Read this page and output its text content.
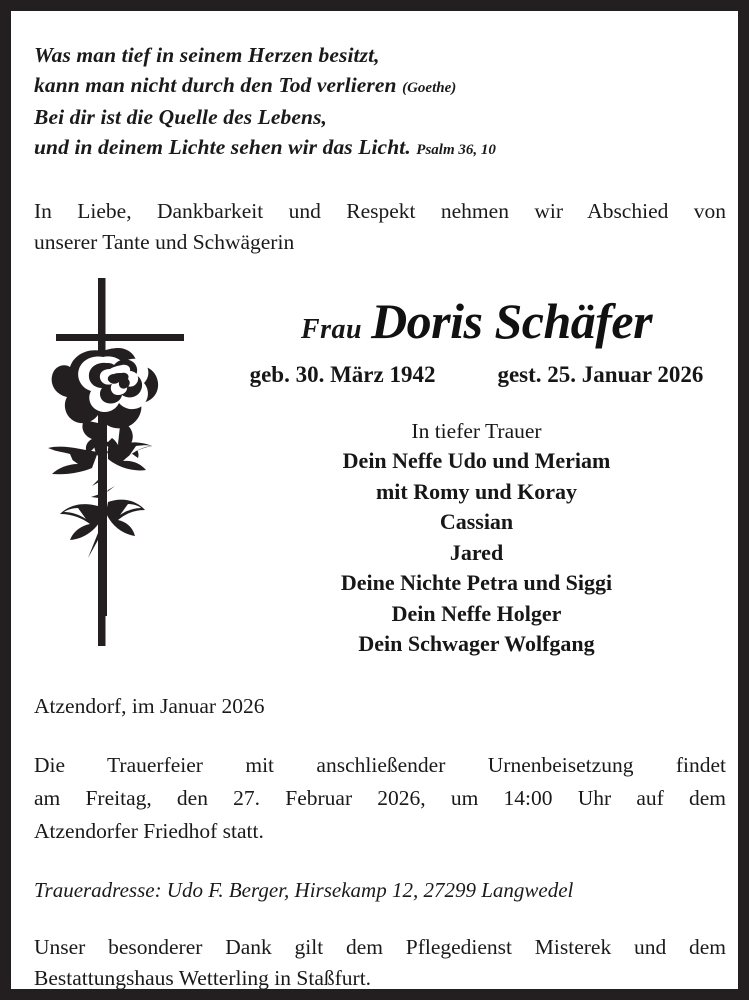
Was man tief in seinem Herzen besitzt,
kann man nicht durch den Tod verlieren (Goethe)
Bei dir ist die Quelle des Lebens,
und in deinem Lichte sehen wir das Licht. Psalm 36, 10
In Liebe, Dankbarkeit und Respekt nehmen wir Abschied von
unserer Tante und Schwägerin
Frau Doris Schäfer
geb. 30. März 1942	gest. 25. Januar 2026
In tiefer Trauer
Dein Neffe Udo und Meriam
mit Romy und Koray
Cassian
Jared
Deine Nichte Petra und Siggi
Dein Neffe Holger
Dein Schwager Wolfgang
Atzendorf, im Januar 2026
Die Trauerfeier mit anschließender Urnenbeisetzung findet
am Freitag, den 27. Februar 2026, um 14:00 Uhr auf dem
Atzendorfer Friedhof statt.
Traueradresse: Udo F. Berger, Hirsekamp 12, 27299 Langwedel
Unser besonderer Dank gilt dem Pflegedienst Misterek und dem
Bestattungshaus Wetterling in Staßfurt.
